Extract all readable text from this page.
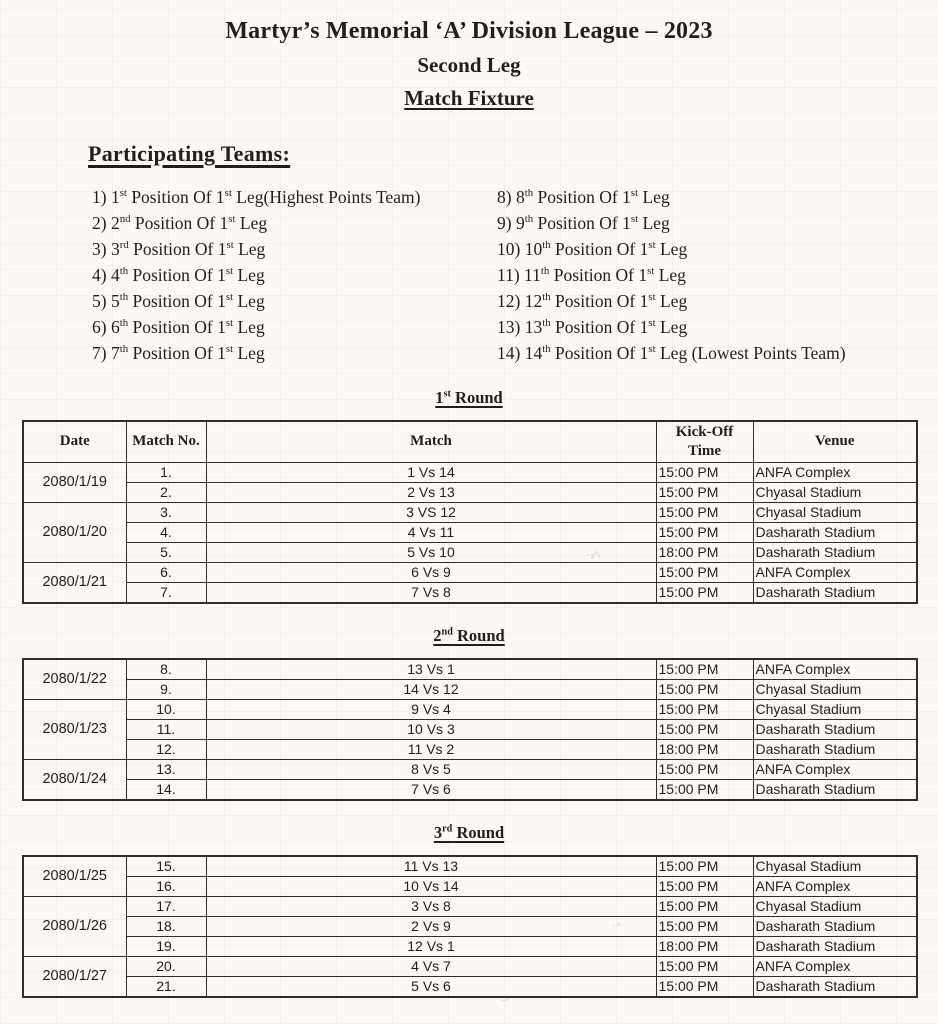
Martyr’s Memorial ‘A’ Division League – 2023
Second Leg
Match Fixture
Participating Teams:
1) 1st Position Of 1st Leg(Highest Points Team)
2) 2nd Position Of 1st Leg
3) 3rd Position Of 1st Leg
4) 4th Position Of 1st Leg
5) 5th Position Of 1st Leg
6) 6th Position Of 1st Leg
7) 7th Position Of 1st Leg
8) 8th Position Of 1st Leg
9) 9th Position Of 1st Leg
10) 10th Position Of 1st Leg
11) 11th Position Of 1st Leg
12) 12th Position Of 1st Leg
13) 13th Position Of 1st Leg
14) 14th Position Of 1st Leg (Lowest Points Team)
1st Round
Date	Match No.	Match	Kick-Off Time	Venue
2080/1/19	1.	1 Vs 14	15:00 PM	ANFA Complex
	2.	2 Vs 13	15:00 PM	Chyasal Stadium
2080/1/20	3.	3 VS 12	15:00 PM	Chyasal Stadium
	4.	4 Vs 11	15:00 PM	Dasharath Stadium
	5.	5 Vs 10	18:00 PM	Dasharath Stadium
2080/1/21	6.	6 Vs 9	15:00 PM	ANFA Complex
	7.	7 Vs 8	15:00 PM	Dasharath Stadium
2nd Round
2080/1/22	8.	13 Vs 1	15:00 PM	ANFA Complex
	9.	14 Vs 12	15:00 PM	Chyasal Stadium
2080/1/23	10.	9 Vs 4	15:00 PM	Chyasal Stadium
	11.	10 Vs 3	15:00 PM	Dasharath Stadium
	12.	11 Vs 2	18:00 PM	Dasharath Stadium
2080/1/24	13.	8 Vs 5	15:00 PM	ANFA Complex
	14.	7 Vs 6	15:00 PM	Dasharath Stadium
3rd Round
2080/1/25	15.	11 Vs 13	15:00 PM	Chyasal Stadium
	16.	10 Vs 14	15:00 PM	ANFA Complex
2080/1/26	17.	3 Vs 8	15:00 PM	Chyasal Stadium
	18.	2 Vs 9	15:00 PM	Dasharath Stadium
	19.	12 Vs 1	18:00 PM	Dasharath Stadium
2080/1/27	20.	4 Vs 7	15:00 PM	ANFA Complex
	21.	5 Vs 6	15:00 PM	Dasharath Stadium
·₂⁄₅
·⁺
‿
